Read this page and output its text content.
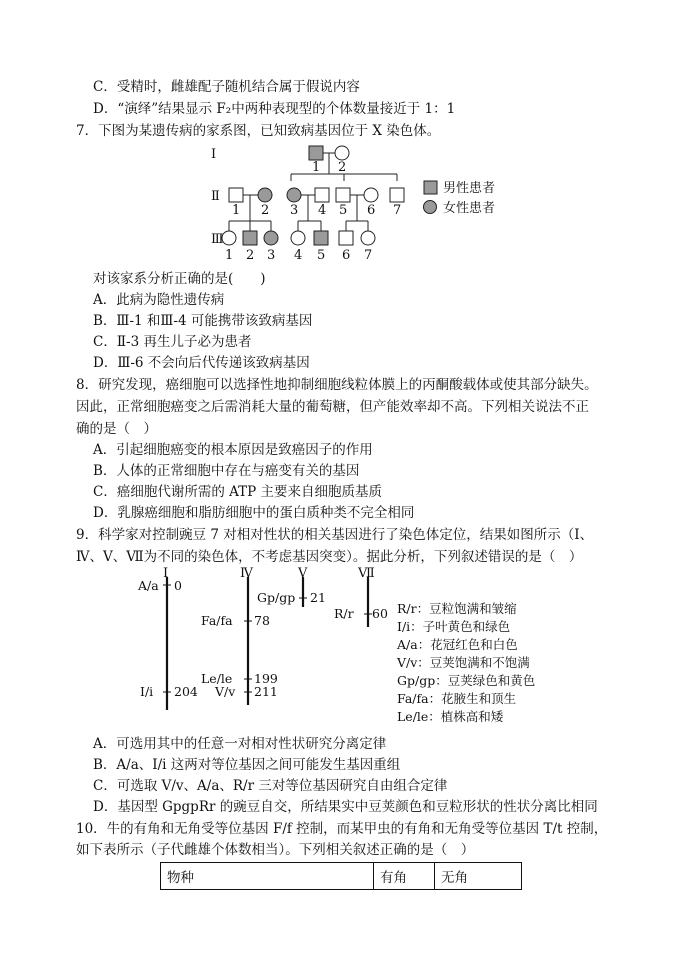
C．受精时，雌雄配子随机结合属于假说内容
D．“演绎”结果显示 F₂中两种表现型的个体数量接近于 1：1
7．下图为某遗传病的家系图，已知致病基因位于 X 染色体。
Ⅰ
Ⅱ
Ⅲ
1 2
1 2 3 4 5 6 7
1 2 3 4 5 6 7
男性患者
女性患者
对该家系分析正确的是(　　)
A．此病为隐性遗传病
B．Ⅲ-1 和Ⅲ-4 可能携带该致病基因
C．Ⅱ-3 再生儿子必为患者
D．Ⅲ-6 不会向后代传递该致病基因
8．研究发现，癌细胞可以选择性地抑制细胞线粒体膜上的丙酮酸载体或使其部分缺失。
因此，正常细胞癌变之后需消耗大量的葡萄糖，但产能效率却不高。下列相关说法不正
确的是（　）
A．引起细胞癌变的根本原因是致癌因子的作用
B．人体的正常细胞中存在与癌变有关的基因
C．癌细胞代谢所需的 ATP 主要来自细胞质基质
D．乳腺癌细胞和脂肪细胞中的蛋白质种类不完全相同
9．科学家对控制豌豆 7 对相对性状的相关基因进行了染色体定位，结果如图所示（Ⅰ、
Ⅳ、Ⅴ、Ⅶ为不同的染色体，不考虑基因突变）。据此分析，下列叙述错误的是（　）
Ⅰ	Ⅳ	Ⅴ	Ⅶ
A/a 0
I/i 204
Fa/fa 78
Le/le 199
V/v 211
Gp/gp 21
R/r 60 R/r：豆粒饱满和皱缩
I/i：子叶黄色和绿色
A/a：花冠红色和白色
V/v：豆荚饱满和不饱满
Gp/gp：豆荚绿色和黄色
Fa/fa：花腋生和顶生
Le/le：植株高和矮
A．可选用其中的任意一对相对性状研究分离定律
B．A/a、I/i 这两对等位基因之间可能发生基因重组
C．可选取 V/v、A/a、R/r 三对等位基因研究自由组合定律
D．基因型 GpgpRr 的豌豆自交，所结果实中豆荚颜色和豆粒形状的性状分离比相同
10．牛的有角和无角受等位基因 F/f 控制，而某甲虫的有角和无角受等位基因 T/t 控制，
如下表所示（子代雌雄个体数相当）。下列相关叙述正确的是（　）
物种	有角	无角
